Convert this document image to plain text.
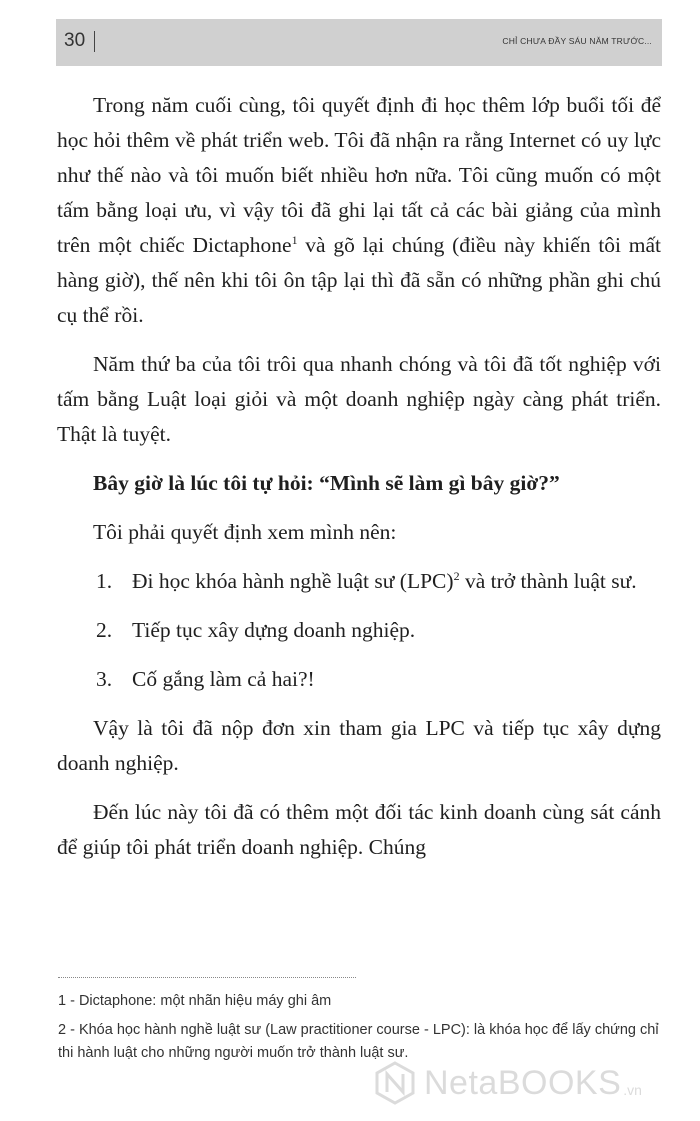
30	CHỈ CHƯA ĐẦY SÁU NĂM TRƯỚC...

Trong năm cuối cùng, tôi quyết định đi học thêm lớp buổi tối để học hỏi thêm về phát triển web. Tôi đã nhận ra rằng Internet có uy lực như thế nào và tôi muốn biết nhiều hơn nữa. Tôi cũng muốn có một tấm bằng loại ưu, vì vậy tôi đã ghi lại tất cả các bài giảng của mình trên một chiếc Dictaphone$^1$ và gõ lại chúng (điều này khiến tôi mất hàng giờ), thế nên khi tôi ôn tập lại thì đã sẵn có những phần ghi chú cụ thể rồi.

Năm thứ ba của tôi trôi qua nhanh chóng và tôi đã tốt nghiệp với tấm bằng Luật loại giỏi và một doanh nghiệp ngày càng phát triển. Thật là tuyệt.

Bây giờ là lúc tôi tự hỏi: “Mình sẽ làm gì bây giờ?”

Tôi phải quyết định xem mình nên:

1. Đi học khóa hành nghề luật sư (LPC)$^2$ và trở thành luật sư.
2. Tiếp tục xây dựng doanh nghiệp.
3. Cố gắng làm cả hai?!

Vậy là tôi đã nộp đơn xin tham gia LPC và tiếp tục xây dựng doanh nghiệp.

Đến lúc này tôi đã có thêm một đối tác kinh doanh cùng sát cánh để giúp tôi phát triển doanh nghiệp. Chúng

1 - Dictaphone: một nhãn hiệu máy ghi âm

2 - Khóa học hành nghề luật sư (Law practitioner course - LPC): là khóa học để lấy chứng chỉ thi hành luật cho những người muốn trở thành luật sư.

NetaBOOKS .vn
